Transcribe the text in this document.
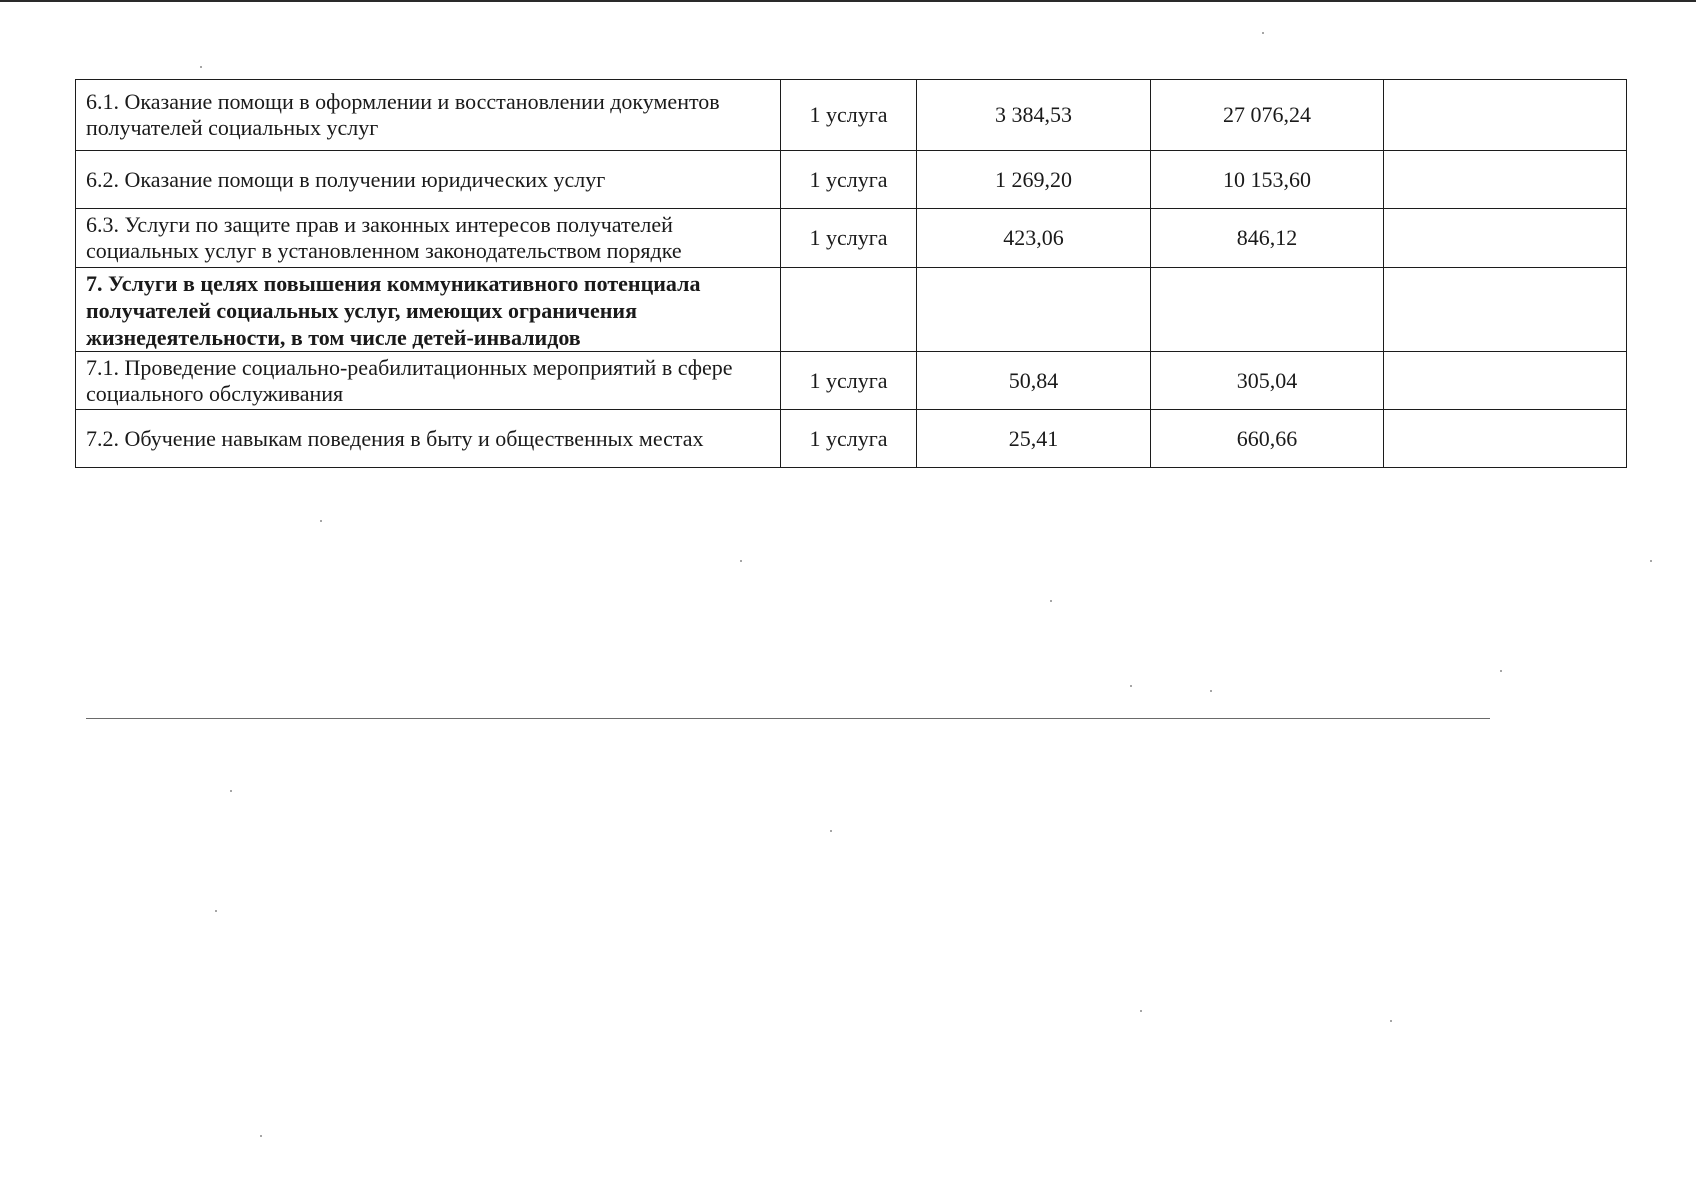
6.1. Оказание помощи в оформлении и восстановлении документов получателей социальных услуг	1 услуга	3 384,53	27 076,24	
6.2. Оказание помощи в получении юридических услуг	1 услуга	1 269,20	10 153,60	
6.3. Услуги по защите прав и законных интересов получателей социальных услуг в установленном законодательством порядке	1 услуга	423,06	846,12	
7. Услуги в целях повышения коммуникативного потенциала получателей социальных услуг, имеющих ограничения жизнедеятельности, в том числе детей-инвалидов				
7.1. Проведение социально-реабилитационных мероприятий в сфере социального обслуживания	1 услуга	50,84	305,04	
7.2. Обучение навыкам поведения в быту и общественных местах	1 услуга	25,41	660,66	
